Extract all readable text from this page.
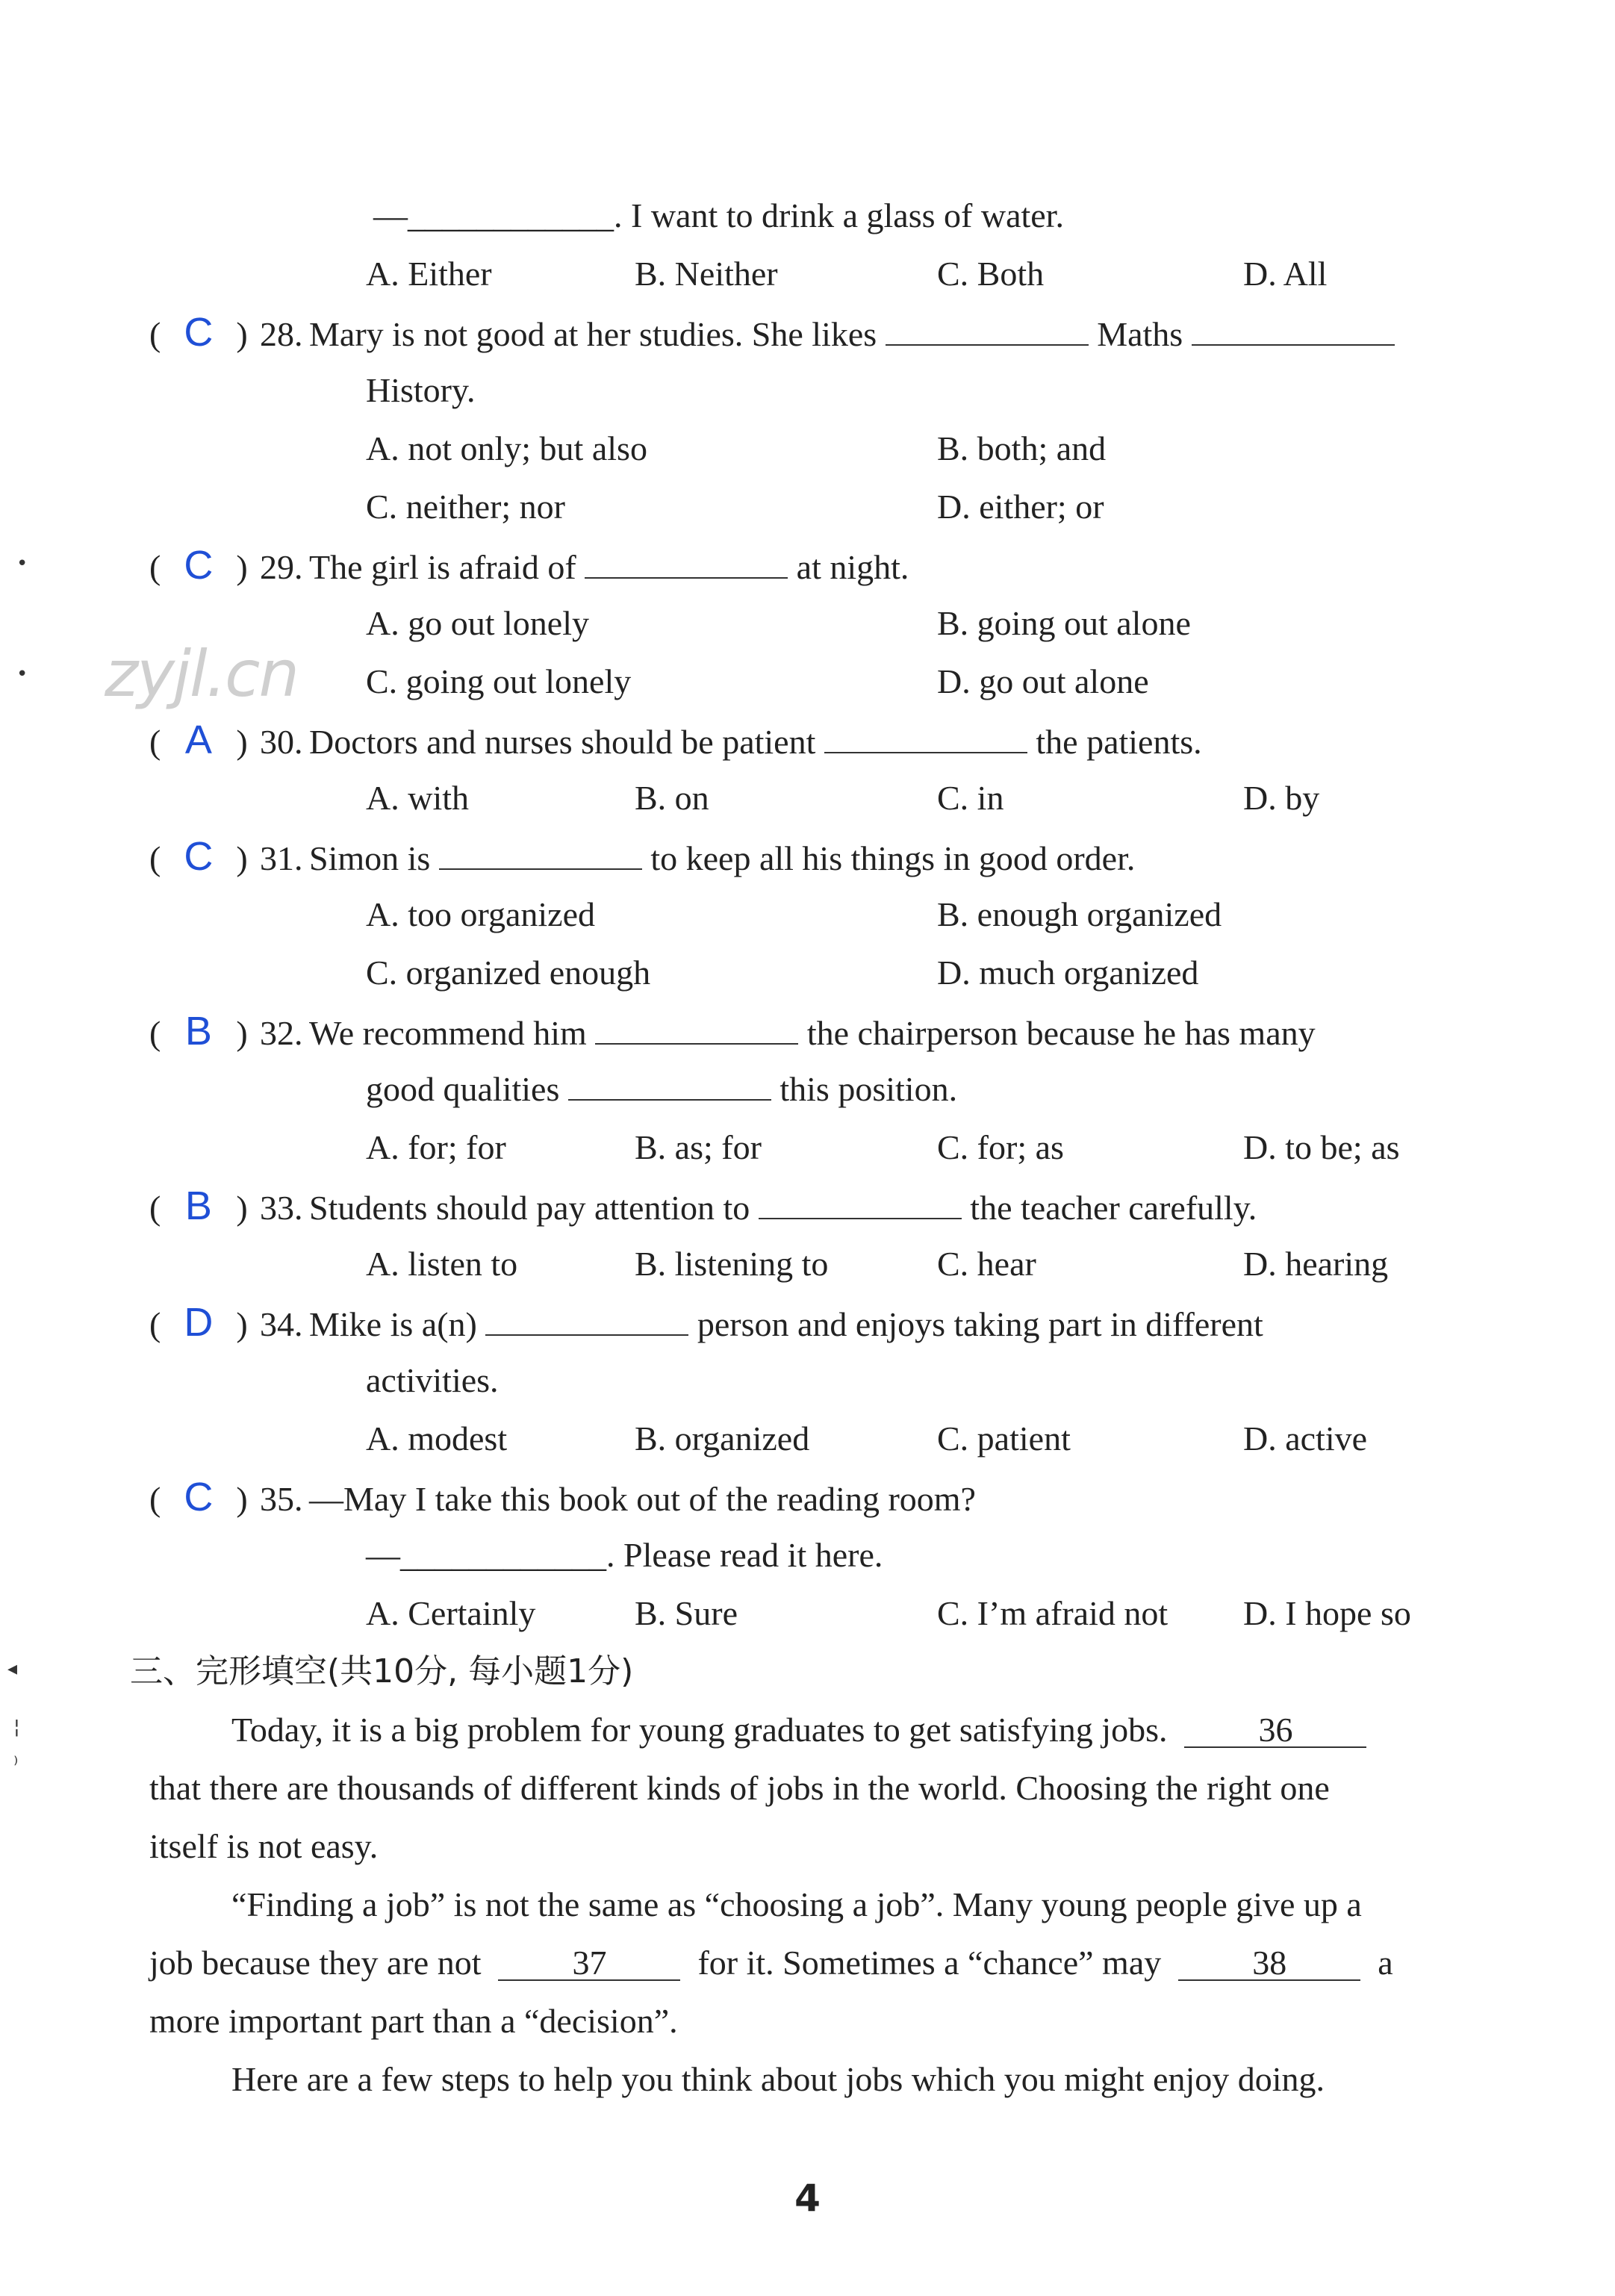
zyjl.cn
•
•
◂
¦
⁾
—____________. I want to drink a glass of water.
A. Either	B. Neither	C. Both	D. All
( C ) 28. Mary is not good at her studies. She likes

	Maths

History.
A. not only; but also	B. both; and
C. neither; nor	D. either; or
( C ) 29. The girl is afraid of

	at night.
A. go out lonely	B. going out alone
C. going out lonely	D. go out alone
( A ) 30. Doctors and nurses should be patient

	the patients.
A. with	B. on	C. in	D. by
( C ) 31. Simon is

	to keep all his things in good order.
A. too organized	B. enough organized
C. organized enough	D. much organized
( B ) 32. We recommend him

	the chairperson because he has many
good qualities	this position.
A. for; for	B. as; for	C. for; as	D. to be; as
( B ) 33. Students should pay attention to

	the teacher carefully.
A. listen to	B. listening to	C. hear	D. hearing
( D ) 34. Mike is a(n)

	person and enjoys taking part in different
activities.
A. modest	B. organized	C. patient	D. active
( C ) 35. —May I take this book out of the reading room?
—____________. Please read it here.
A. Certainly	B. Sure	C. I’m afraid not D. I hope so
三、完形填空(共10分, 每小题1分)
Today, it is a big problem for young graduates to get satisfying jobs.	36
that there are thousands of different kinds of jobs in the world. Choosing the right one
itself is not easy.
“Finding a job” is not the same as “choosing a job”. Many young people give up a
job because they are not	37	for it. Sometimes a “chance” may	38	a
more important part than a “decision”.
Here are a few steps to help you think about jobs which you might enjoy doing.
4
